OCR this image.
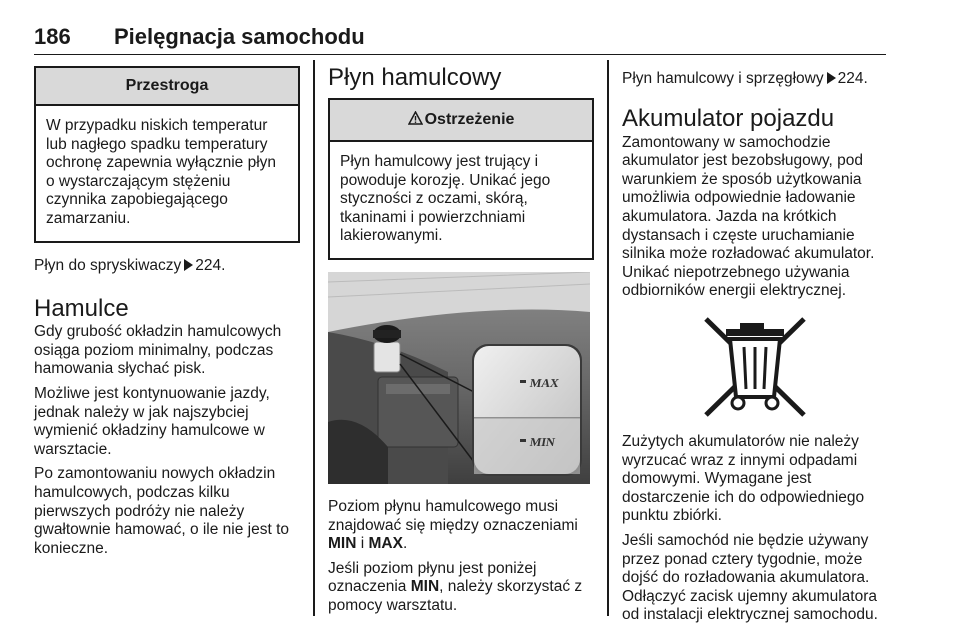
186 Pielęgnacja samochodu
Przestroga
W przypadku niskich temperatur
lub nagłego spadku temperatury
ochronę zapewnia wyłącznie płyn
o wystarczającym stężeniu
czynnika zapobiegającego
zamarzaniu.

Płyn do spryskiwaczy 224.

Hamulce

Gdy grubość okładzin hamulcowych
osiąga poziom minimalny, podczas
hamowania słychać pisk.

Możliwe jest kontynuowanie jazdy,
jednak należy w jak najszybciej
wymienić okładziny hamulcowe w
warsztacie.

Po zamontowaniu nowych okładzin
hamulcowych, podczas kilku
pierwszych podróży nie należy
gwałtownie hamować, o ile nie jest to
konieczne.

Płyn hamulcowy
Ostrzeżenie
Płyn hamulcowy jest trujący i
powoduje korozję. Unikać jego
styczności z oczami, skórą,
tkaninami i powierzchniami
lakierowanymi.
MAX
MIN

Poziom płynu hamulcowego musi
znajdować się między oznaczeniami
MIN i MAX.

Jeśli poziom płynu jest poniżej
oznaczenia MIN, należy skorzystać z
pomocy warsztatu.

Płyn hamulcowy i sprzęgłowy 224.

Akumulator pojazdu

Zamontowany w samochodzie
akumulator jest bezobsługowy, pod
warunkiem że sposób użytkowania
umożliwia odpowiednie ładowanie
akumulatora. Jazda na krótkich
dystansach i częste uruchamianie
silnika może rozładować akumulator.
Unikać niepotrzebnego używania
odbiorników energii elektrycznej.

Zużytych akumulatorów nie należy
wyrzucać wraz z innymi odpadami
domowymi. Wymagane jest
dostarczenie ich do odpowiedniego
punktu zbiórki.

Jeśli samochód nie będzie używany
przez ponad cztery tygodnie, może
dojść do rozładowania akumulatora.
Odłączyć zacisk ujemny akumulatora
od instalacji elektrycznej samochodu.
